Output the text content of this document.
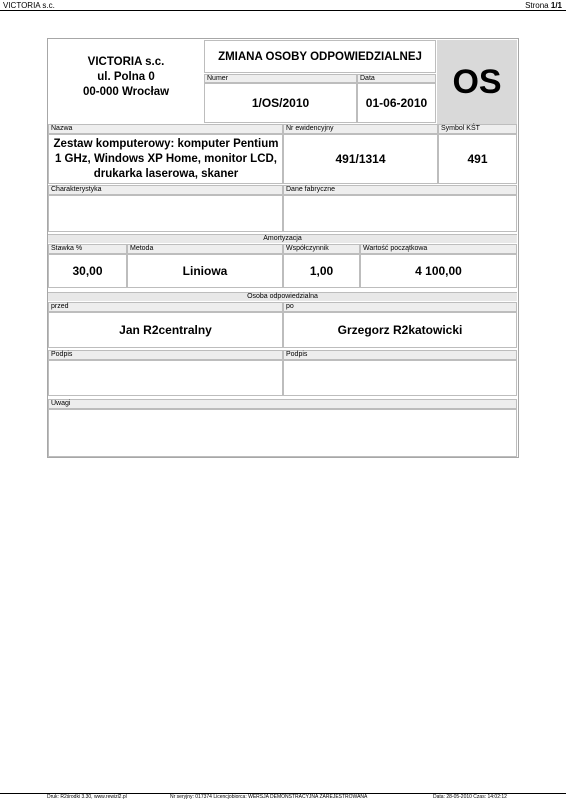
VICTORIA s.c.	Strona 1/1
VICTORIA s.c.
ul. Polna 0
00-000 Wrocław
ZMIANA OSOBY ODPOWIEDZIALNEJ
OS
Numer	Data
1/OS/2010	01-06-2010
Nazwa	Nr ewidencyjny	Symbol KŚT
Zestaw komputerowy: komputer Pentium
1 GHz, Windows XP Home, monitor LCD,
drukarka laserowa, skaner
491/1314	491
Charakterystyka	Dane fabryczne
Amortyzacja
Stawka %	Metoda	Współczynnik	Wartość początkowa
30,00	Liniowa	1,00	4 100,00
Osoba odpowiedzialna
przed	po
Jan R2centralny	Grzegorz R2katowicki
Podpis	Podpis
Uwagi
Druk: R2środki 3.30, www.rewizl2.pl	Nr seryjny: 017374 Licencjobiorca: WERSJA DEMONSTRACYJNA ZAREJESTROWANA	Data: 28-05-2010 Czas: 14:02:12
